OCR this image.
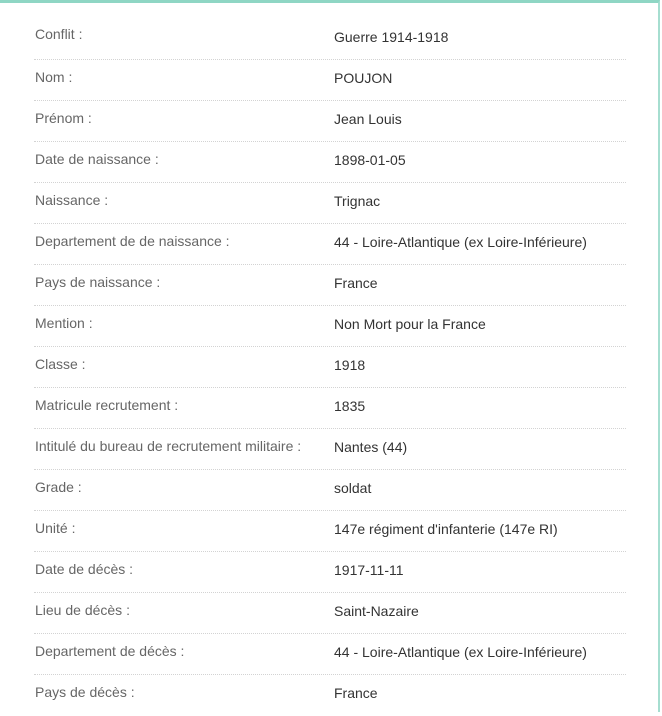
Conflit :	Guerre 1914-1918
Nom :	POUJON
Prénom :	Jean Louis
Date de naissance :	1898-01-05
Naissance :	Trignac
Departement de de naissance :	44 - Loire-Atlantique (ex Loire-Inférieure)
Pays de naissance :	France
Mention :	Non Mort pour la France
Classe :	1918
Matricule recrutement :	1835
Intitulé du bureau de recrutement militaire : Nantes (44)
Grade :	soldat
Unité :	147e régiment d'infanterie (147e RI)
Date de décès :	1917-11-11
Lieu de décès :	Saint-Nazaire
Departement de décès :	44 - Loire-Atlantique (ex Loire-Inférieure)
Pays de décès :	France
